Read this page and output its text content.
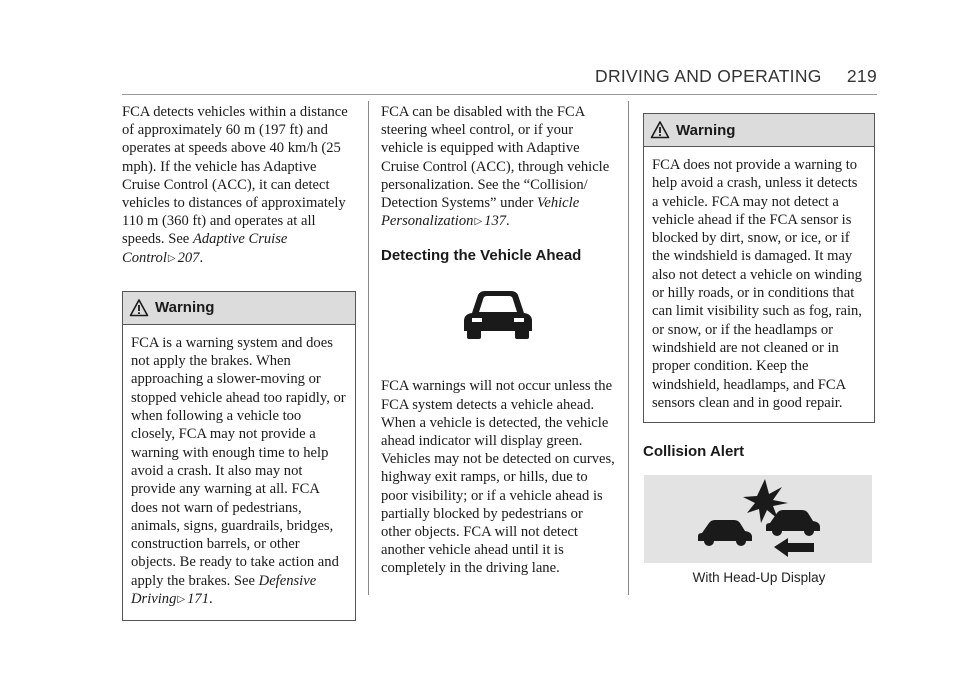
DRIVING AND OPERATING 219

FCA detects vehicles within a distance of approximately 60 m (197 ft) and operates at speeds above 40 km/h (25 mph). If the vehicle has Adaptive Cruise Control (ACC), it can detect vehicles to distances of approximately 110 m (360 ft) and operates at all speeds. See Adaptive Cruise Control▷ 207.

Warning

FCA is a warning system and does not apply the brakes. When approaching a slower-moving or stopped vehicle ahead too rapidly, or when following a vehicle too closely, FCA may not provide a warning with enough time to help avoid a crash. It also may not provide any warning at all. FCA does not warn of pedestrians, animals, signs, guardrails, bridges, construction barrels, or other objects. Be ready to take action and apply the brakes. See Defensive Driving▷ 171.

FCA can be disabled with the FCA steering wheel control, or if your vehicle is equipped with Adaptive Cruise Control (ACC), through vehicle personalization. See the “Collision/ Detection Systems” under Vehicle Personalization▷ 137.

Detecting the Vehicle Ahead

FCA warnings will not occur unless the FCA system detects a vehicle ahead. When a vehicle is detected, the vehicle ahead indicator will display green. Vehicles may not be detected on curves, highway exit ramps, or hills, due to poor visibility; or if a vehicle ahead is partially blocked by pedestrians or other objects. FCA will not detect another vehicle ahead until it is completely in the driving lane.

Warning

FCA does not provide a warning to help avoid a crash, unless it detects a vehicle. FCA may not detect a vehicle ahead if the FCA sensor is blocked by dirt, snow, or ice, or if the windshield is damaged. It may also not detect a vehicle on winding or hilly roads, or in conditions that can limit visibility such as fog, rain, or snow, or if the headlamps or windshield are not cleaned or in proper condition. Keep the windshield, headlamps, and FCA sensors clean and in good repair.

Collision Alert
With Head-Up Display
